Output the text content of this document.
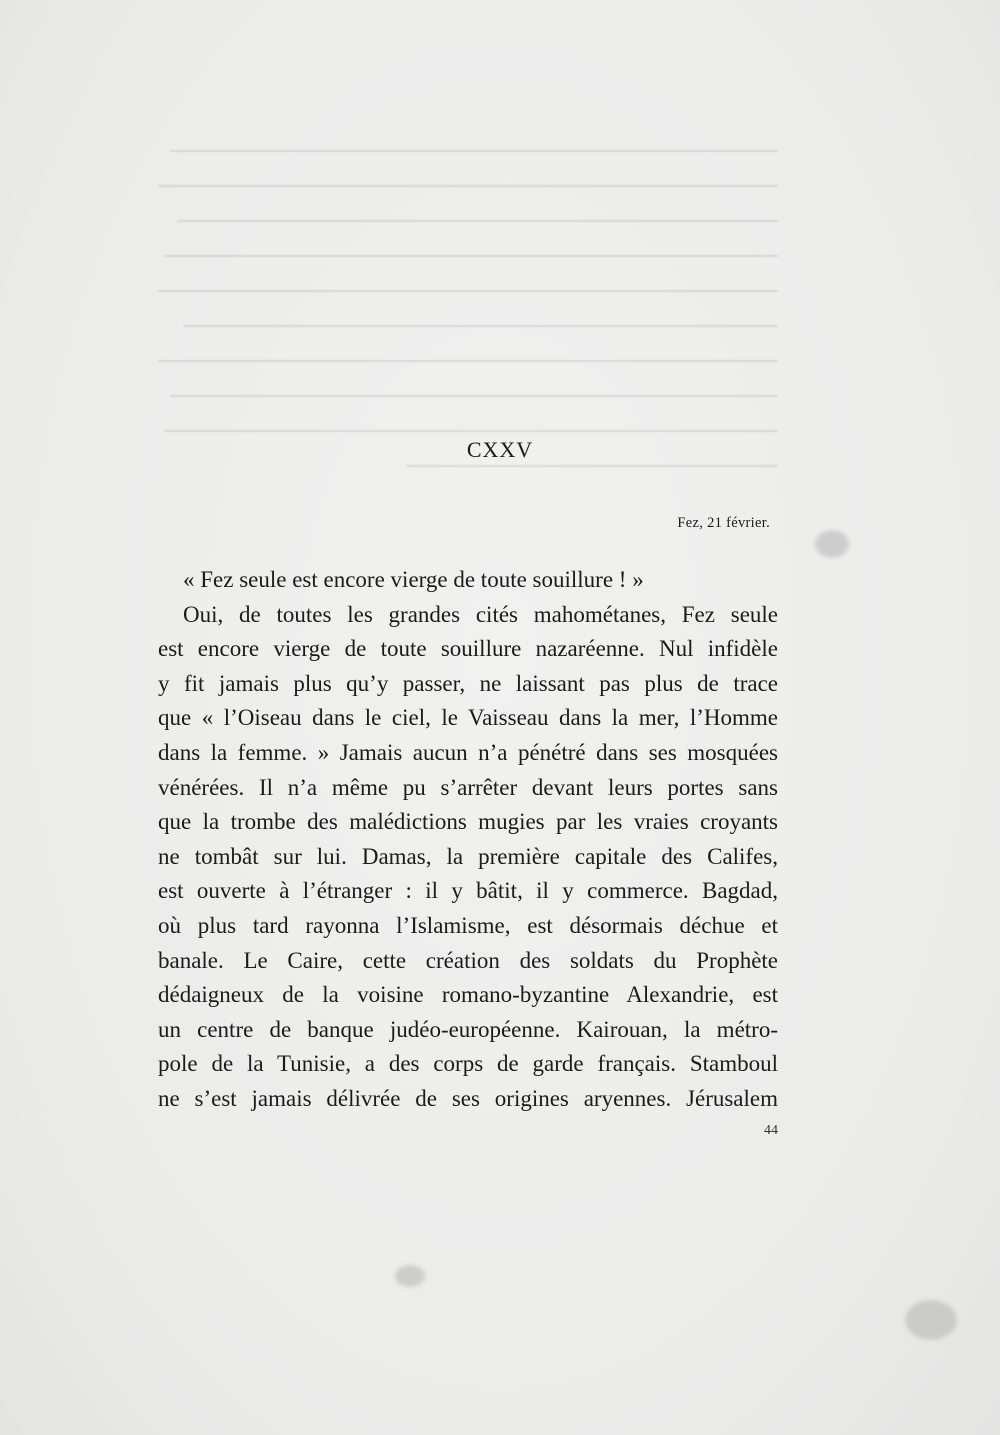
CXXV
Fez, 21 février.
« Fez seule est encore vierge de toute souillure ! »
Oui, de toutes les grandes cités mahométanes, Fez seule
est encore vierge de toute souillure nazaréenne. Nul infidèle
y fit jamais plus qu’y passer, ne laissant pas plus de trace
que « l’Oiseau dans le ciel, le Vaisseau dans la mer, l’Homme
dans la femme. » Jamais aucun n’a pénétré dans ses mosquées
vénérées. Il n’a même pu s’arrêter devant leurs portes sans
que la trombe des malédictions mugies par les vraies croyants
ne tombât sur lui. Damas, la première capitale des Califes,
est ouverte à l’étranger : il y bâtit, il y commerce. Bagdad,
où plus tard rayonna l’Islamisme, est désormais déchue et
banale. Le Caire, cette création des soldats du Prophète
dédaigneux de la voisine romano-byzantine Alexandrie, est
un centre de banque judéo-européenne. Kairouan, la métro-
pole de la Tunisie, a des corps de garde français. Stamboul
ne s’est jamais délivrée de ses origines aryennes. Jérusalem
44
